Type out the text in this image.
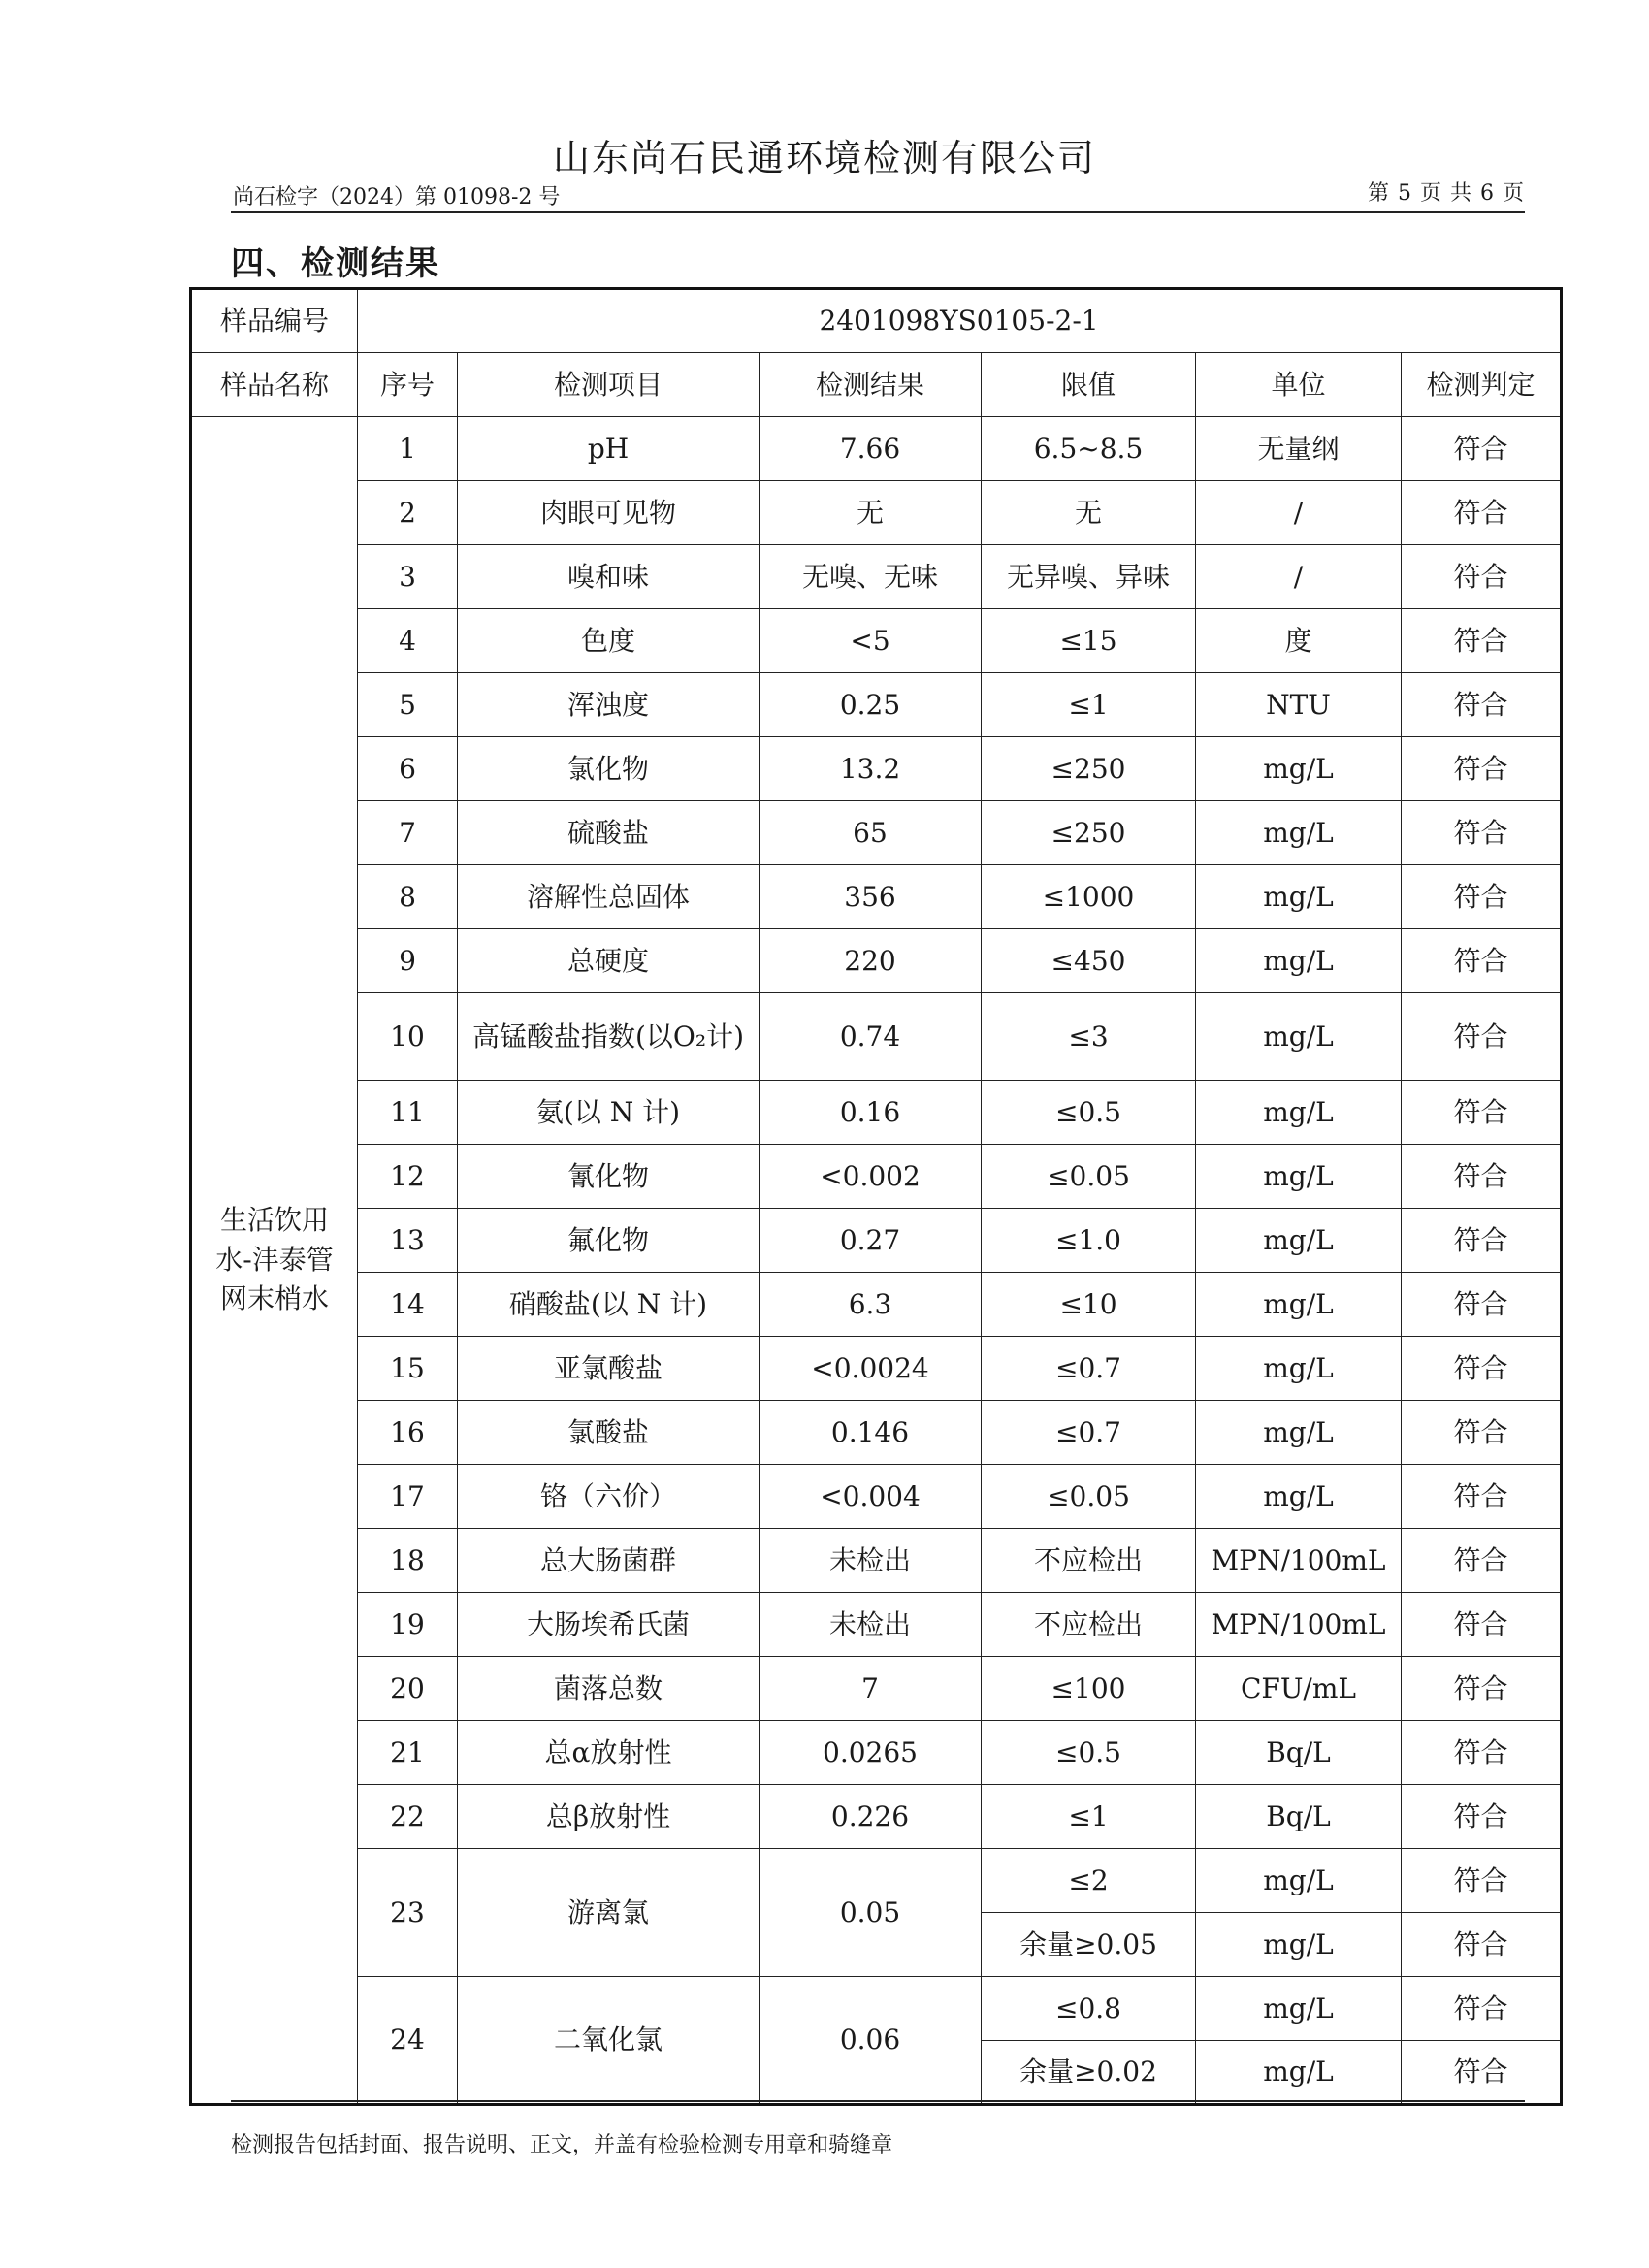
山东尚石民通环境检测有限公司
尚石检字（2024）第 01098-2 号	第 5 页 共 6 页
四、检测结果
样品编号	2401098YS0105-2-1					
样品名称	序号	检测项目	检测结果	限值	单位	检测判定
生活饮用水-沣泰管网末梢水	1	pH	7.66	6.5~8.5	无量纲	符合
	2	肉眼可见物	无	无	/	符合
	3	嗅和味	无嗅、无味	无异嗅、异味	/	符合
	4	色度	<5	≤15	度	符合
	5	浑浊度	0.25	≤1	NTU	符合
	6	氯化物	13.2	≤250	mg/L	符合
	7	硫酸盐	65	≤250	mg/L	符合
	8	溶解性总固体	356	≤1000	mg/L	符合
	9	总硬度	220	≤450	mg/L	符合
	10	高锰酸盐指数(以O₂计)	0.74	≤3	mg/L	符合
	11	氨(以 N 计)	0.16	≤0.5	mg/L	符合
	12	氰化物	<0.002	≤0.05	mg/L	符合
	13	氟化物	0.27	≤1.0	mg/L	符合
	14	硝酸盐(以 N 计)	6.3	≤10	mg/L	符合
	15	亚氯酸盐	<0.0024	≤0.7	mg/L	符合
	16	氯酸盐	0.146	≤0.7	mg/L	符合
	17	铬（六价）	<0.004	≤0.05	mg/L	符合
	18	总大肠菌群	未检出	不应检出	MPN/100mL	符合
	19	大肠埃希氏菌	未检出	不应检出	MPN/100mL	符合
	20	菌落总数	7	≤100	CFU/mL	符合
	21	总α放射性	0.0265	≤0.5	Bq/L	符合
	22	总β放射性	0.226	≤1	Bq/L	符合
	23	游离氯	0.05	≤2	mg/L	符合
				余量≥0.05	mg/L	符合
	24	二氧化氯	0.06	≤0.8	mg/L	符合
				余量≥0.02	mg/L	符合
检测报告包括封面、报告说明、正文，并盖有检验检测专用章和骑缝章
